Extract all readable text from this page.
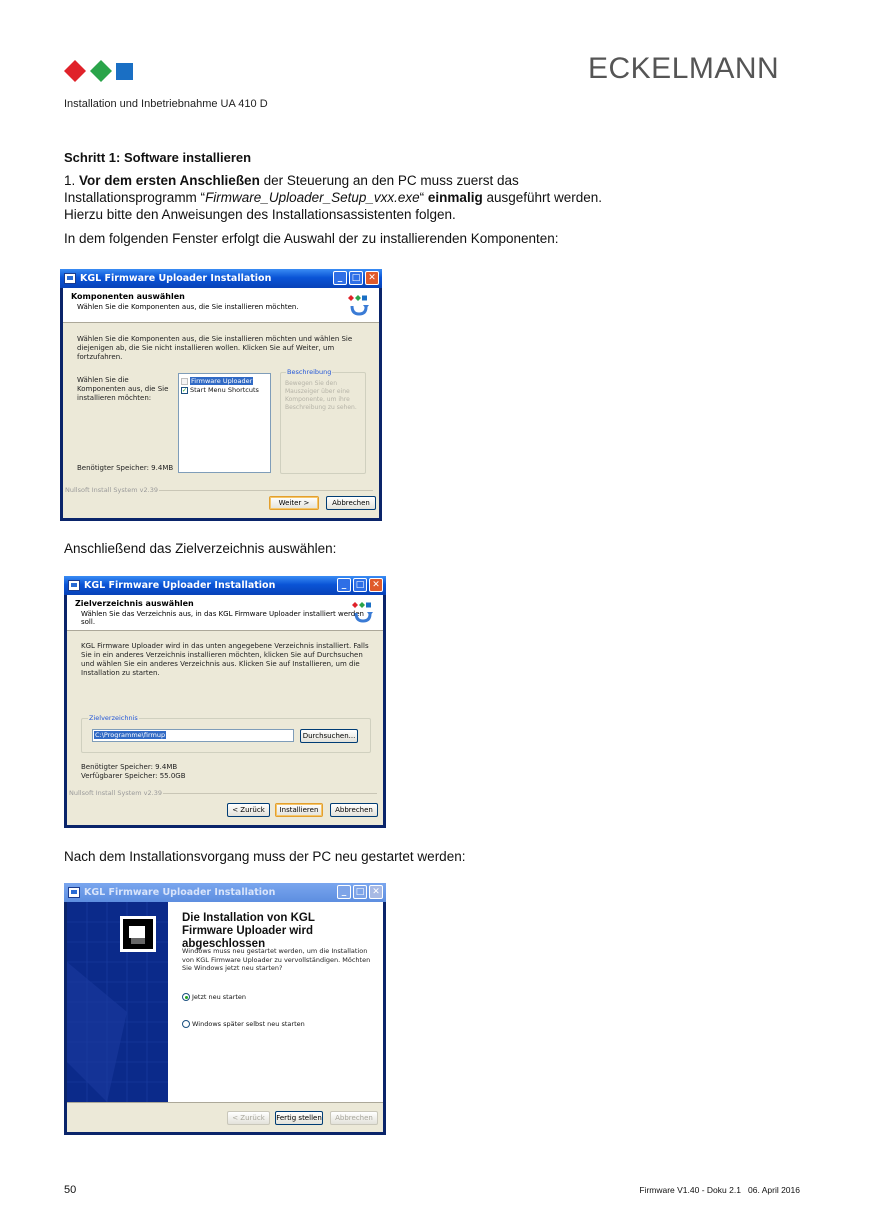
ECKELMANN
Installation und Inbetriebnahme UA 410 D
Schritt 1: Software installieren
1. Vor dem ersten Anschließen der Steuerung an den PC muss zuerst das
Installationsprogramm “Firmware_Uploader_Setup_vxx.exe“ einmalig ausgeführt werden.
Hierzu bitte den Anweisungen des Installationsassistenten folgen.
In dem folgenden Fenster erfolgt die Auswahl der zu installierenden Komponenten:
KGL Firmware Uploader Installation	_	□ ✕
Komponenten auswählen
Wählen Sie die Komponenten aus, die Sie installieren möchten.
Wählen Sie die Komponenten aus, die Sie installieren möchten und wählen Sie diejenigen ab, die Sie nicht installieren wollen. Klicken Sie auf Weiter, um fortzufahren.
Wählen Sie die Komponenten aus, die Sie installieren möchten:
Firmware Uploader
✓ Start Menu Shortcuts
Beschreibung
Bewegen Sie den Mauszeiger über eine Komponente, um ihre Beschreibung zu sehen.
Benötigter Speicher: 9.4MB
Nullsoft Install System v2.39
Weiter >	Abbrechen
Anschließend das Zielverzeichnis auswählen:
KGL Firmware Uploader Installation	_	□ ✕
Zielverzeichnis auswählen
Wählen Sie das Verzeichnis aus, in das KGL Firmware Uploader installiert werden soll.
KGL Firmware Uploader wird in das unten angegebene Verzeichnis installiert. Falls Sie in ein anderes Verzeichnis installieren möchten, klicken Sie auf Durchsuchen und wählen Sie ein anderes Verzeichnis aus. Klicken Sie auf Installieren, um die Installation zu starten.
Zielverzeichnis
C:\Programme\firmup	Durchsuchen...
Benötigter Speicher: 9.4MB
Verfügbarer Speicher: 55.0GB
Nullsoft Install System v2.39
< Zurück	Installieren	Abbrechen
Nach dem Installationsvorgang muss der PC neu gestartet werden:
KGL Firmware Uploader Installation	_	□ ✕
Die Installation von KGL Firmware Uploader wird abgeschlossen
Windows muss neu gestartet werden, um die Installation von KGL Firmware Uploader zu vervollständigen. Möchten Sie Windows jetzt neu starten?
Jetzt neu starten
Windows später selbst neu starten
< Zurück	Fertig stellen	Abbrechen
50	Firmware V1.40 - Doku 2.1   06. April 2016
